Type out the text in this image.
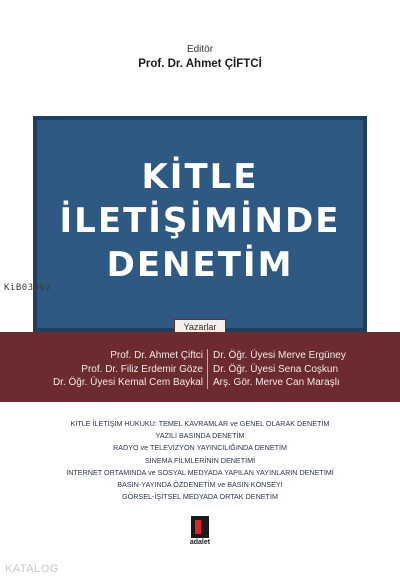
Editör
Prof. Dr. Ahmet ÇİFTCİ
KİTLE
İLETİŞİMİNDE
DENETİM
KiB03962
Yazarlar
Prof. Dr. Ahmet Çiftci
Prof. Dr. Filiz Erdemir Göze
Dr. Öğr. Üyesi Kemal Cem Baykal
Dr. Öğr. Üyesi Merve Ergüney
Dr. Öğr. Üyesi Sena Coşkun
Arş. Gör. Merve Can Maraşlı
KİTLE İLETİŞİM HUKUKU: TEMEL KAVRAMLAR ve GENEL OLARAK DENETİM
YAZILI BASINDA DENETİM
RADYO ve TELEVİZYON YAYINCILIĞINDA DENETİM
SİNEMA FİLMLERİNİN DENETİMİ
İNTERNET ORTAMINDA ve SOSYAL MEDYADA YAPILAN YAYINLARIN DENETİMİ
BASIN-YAYINDA ÖZDENETİM ve BASIN KONSEYİ
GÖRSEL-İŞİTSEL MEDYADA ORTAK DENETİM
adalet
KATALOG
